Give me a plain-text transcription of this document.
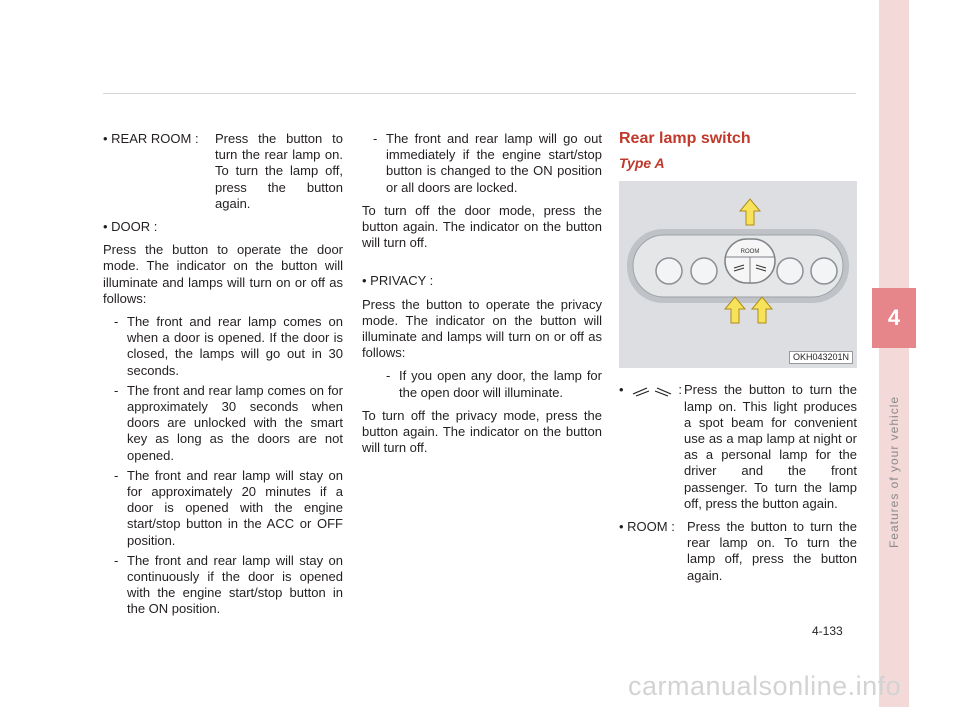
• REAR ROOM :	Press the button to turn the rear lamp on. To turn the lamp off, press the button again.

• DOOR :

Press the button to operate the door mode. The indicator on the button will illuminate and lamps will turn on or off as follows:

- The front and rear lamp comes on when a door is opened. If the door is closed, the lamps will go out in 30 seconds.
- The front and rear lamp comes on for approximately 30 seconds when doors are unlocked with the smart key as long as the doors are not opened.
- The front and rear lamp will stay on for approximately 20 minutes if a door is opened with the engine start/stop button in the ACC or OFF position.
- The front and rear lamp will stay on continuously if the door is opened with the engine start/stop button in the ON position.
- The front and rear lamp will go out immediately if the engine start/stop button is changed to the ON position or all doors are locked.

To turn off the door mode, press the button again. The indicator on the button will turn off.

• PRIVACY :

Press the button to operate the privacy mode. The indicator on the button will illuminate and lamps will turn on or off as follows:

- If you open any door, the lamp for the open door will illuminate.

To turn off the privacy mode, press the button again. The indicator on the button will turn off.

Rear lamp switch
Type A
ROOM
OKH043201N
•	: Press the button to turn the lamp on. This light produces a spot beam for convenient use as a map lamp at night or as a personal lamp for the driver and the front passenger. To turn the lamp off, press the button again.
• ROOM : Press the button to turn the rear lamp on. To turn the lamp off, press the button again.
4
Features of your vehicle
4-133
carmanualsonline.info
